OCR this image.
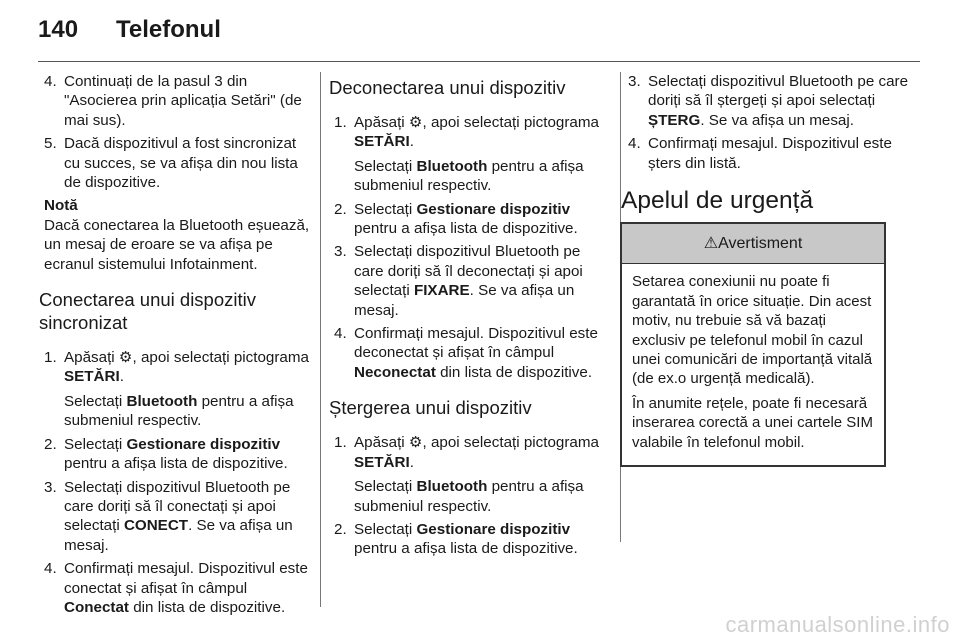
140 Telefonul
4. Continuați de la pasul 3 din "Asocierea prin aplicația Setări" (de mai sus).
5. Dacă dispozitivul a fost sincronizat cu succes, se va afișa din nou lista de dispozitive.
Notă
Dacă conectarea la Bluetooth eșuează, un mesaj de eroare se va afișa pe ecranul sistemului Infotainment.
Conectarea unui dispozitiv sincronizat
1. Apăsați ⚙, apoi selectați pictograma SETĂRI.
Selectați Bluetooth pentru a afișa submeniul respectiv.
2. Selectați Gestionare dispozitiv pentru a afișa lista de dispozitive.
3. Selectați dispozitivul Bluetooth pe care doriți să îl conectați și apoi selectați CONECT. Se va afișa un mesaj.
4. Confirmați mesajul. Dispozitivul este conectat și afișat în câmpul Conectat din lista de dispozitive.
Deconectarea unui dispozitiv
1. Apăsați ⚙, apoi selectați pictograma SETĂRI.
Selectați Bluetooth pentru a afișa submeniul respectiv.
2. Selectați Gestionare dispozitiv pentru a afișa lista de dispozitive.
3. Selectați dispozitivul Bluetooth pe care doriți să îl deconectați și apoi selectați FIXARE. Se va afișa un mesaj.
4. Confirmați mesajul. Dispozitivul este deconectat și afișat în câmpul Neconectat din lista de dispozitive.
Ștergerea unui dispozitiv
1. Apăsați ⚙, apoi selectați pictograma SETĂRI.
Selectați Bluetooth pentru a afișa submeniul respectiv.
2. Selectați Gestionare dispozitiv pentru a afișa lista de dispozitive.
3. Selectați dispozitivul Bluetooth pe care doriți să îl ștergeți și apoi selectați ȘTERG. Se va afișa un mesaj.
4. Confirmați mesajul. Dispozitivul este șters din listă.
Apelul de urgență
⚠Avertisment

Setarea conexiunii nu poate fi garantată în orice situație. Din acest motiv, nu trebuie să vă bazați exclusiv pe telefonul mobil în cazul unei comunicări de importanță vitală (de ex.o urgență medicală).

În anumite rețele, poate fi necesară inserarea corectă a unei cartele SIM valabile în telefonul mobil.

carmanualsonline.info
